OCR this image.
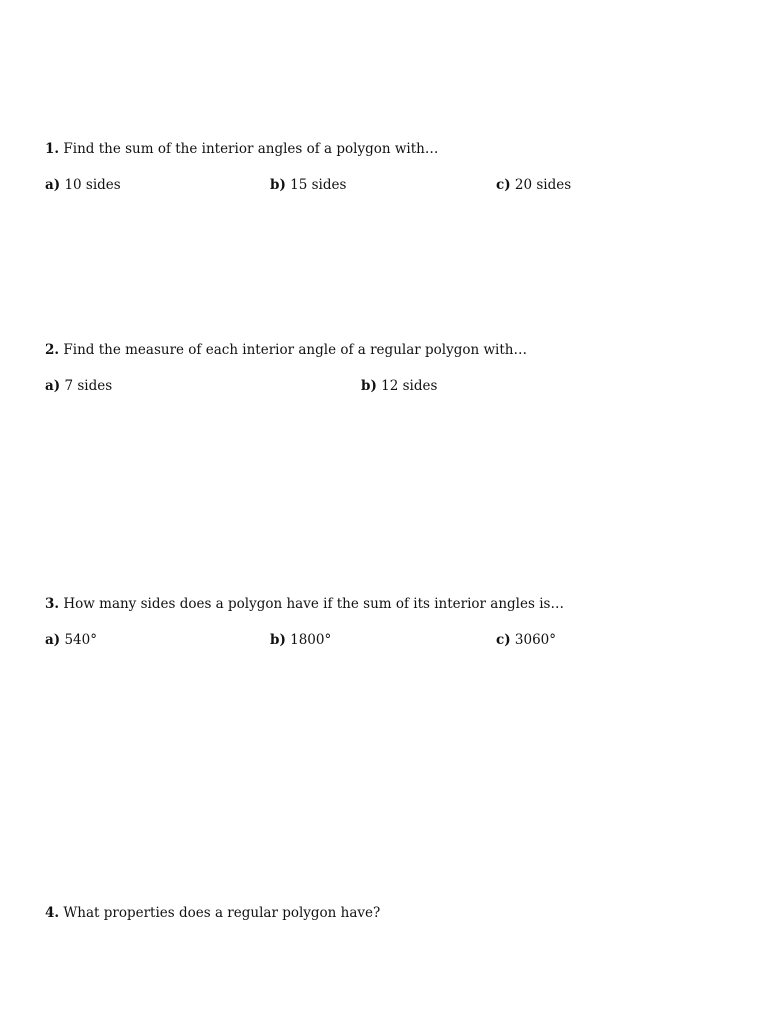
1. Find the sum of the interior angles of a polygon with…
a) 10 sides	b) 15 sides	c) 20 sides
2. Find the measure of each interior angle of a regular polygon with…
a) 7 sides	b) 12 sides
3. How many sides does a polygon have if the sum of its interior angles is…
a) 540°	b) 1800°	c) 3060°
4. What properties does a regular polygon have?
